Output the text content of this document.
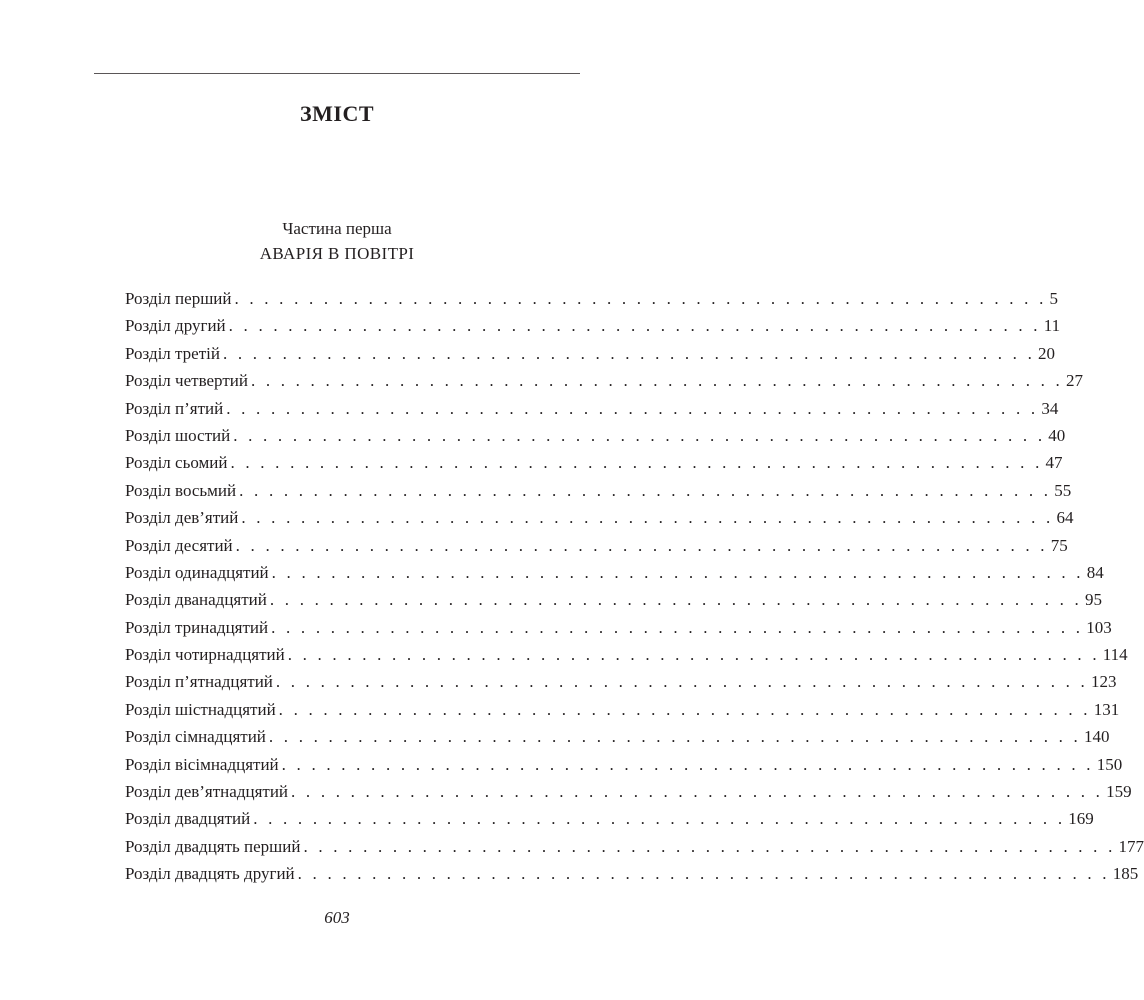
ЗМІСТ
Частина перша
АВАРІЯ В ПОВІТРІ
Розділ перший . . . . . . . . . . . . . . . . . . . . . . . . . . . . . . . . . . . . . . . . . . . . . . . . . . . . . . . 5
Розділ другий . . . . . . . . . . . . . . . . . . . . . . . . . . . . . . . . . . . . . . . . . . . . . . . . . . . . . . . 11
Розділ третій . . . . . . . . . . . . . . . . . . . . . . . . . . . . . . . . . . . . . . . . . . . . . . . . . . . . . . . 20
Розділ четвертий . . . . . . . . . . . . . . . . . . . . . . . . . . . . . . . . . . . . . . . . . . . . . . . . . . . . . . . 27
Розділ п’ятий . . . . . . . . . . . . . . . . . . . . . . . . . . . . . . . . . . . . . . . . . . . . . . . . . . . . . . . 34
Розділ шостий . . . . . . . . . . . . . . . . . . . . . . . . . . . . . . . . . . . . . . . . . . . . . . . . . . . . . . . 40
Розділ сьомий . . . . . . . . . . . . . . . . . . . . . . . . . . . . . . . . . . . . . . . . . . . . . . . . . . . . . . . 47
Розділ восьмий . . . . . . . . . . . . . . . . . . . . . . . . . . . . . . . . . . . . . . . . . . . . . . . . . . . . . . . 55
Розділ дев’ятий . . . . . . . . . . . . . . . . . . . . . . . . . . . . . . . . . . . . . . . . . . . . . . . . . . . . . . . 64
Розділ десятий . . . . . . . . . . . . . . . . . . . . . . . . . . . . . . . . . . . . . . . . . . . . . . . . . . . . . . . 75
Розділ одинадцятий . . . . . . . . . . . . . . . . . . . . . . . . . . . . . . . . . . . . . . . . . . . . . . . . . . . . . . . 84
Розділ дванадцятий . . . . . . . . . . . . . . . . . . . . . . . . . . . . . . . . . . . . . . . . . . . . . . . . . . . . . . . 95
Розділ тринадцятий . . . . . . . . . . . . . . . . . . . . . . . . . . . . . . . . . . . . . . . . . . . . . . . . . . . . . . . 103
Розділ чотирнадцятий . . . . . . . . . . . . . . . . . . . . . . . . . . . . . . . . . . . . . . . . . . . . . . . . . . . . . . . 114
Розділ п’ятнадцятий . . . . . . . . . . . . . . . . . . . . . . . . . . . . . . . . . . . . . . . . . . . . . . . . . . . . . . . 123
Розділ шістнадцятий . . . . . . . . . . . . . . . . . . . . . . . . . . . . . . . . . . . . . . . . . . . . . . . . . . . . . . . 131
Розділ сімнадцятий . . . . . . . . . . . . . . . . . . . . . . . . . . . . . . . . . . . . . . . . . . . . . . . . . . . . . . . 140
Розділ вісімнадцятий . . . . . . . . . . . . . . . . . . . . . . . . . . . . . . . . . . . . . . . . . . . . . . . . . . . . . . . 150
Розділ дев’ятнадцятий . . . . . . . . . . . . . . . . . . . . . . . . . . . . . . . . . . . . . . . . . . . . . . . . . . . . . . . 159
Розділ двадцятий . . . . . . . . . . . . . . . . . . . . . . . . . . . . . . . . . . . . . . . . . . . . . . . . . . . . . . . 169
Розділ двадцять перший . . . . . . . . . . . . . . . . . . . . . . . . . . . . . . . . . . . . . . . . . . . . . . . . . . . . . . . 177
Розділ двадцять другий . . . . . . . . . . . . . . . . . . . . . . . . . . . . . . . . . . . . . . . . . . . . . . . . . . . . . . . 185
603
